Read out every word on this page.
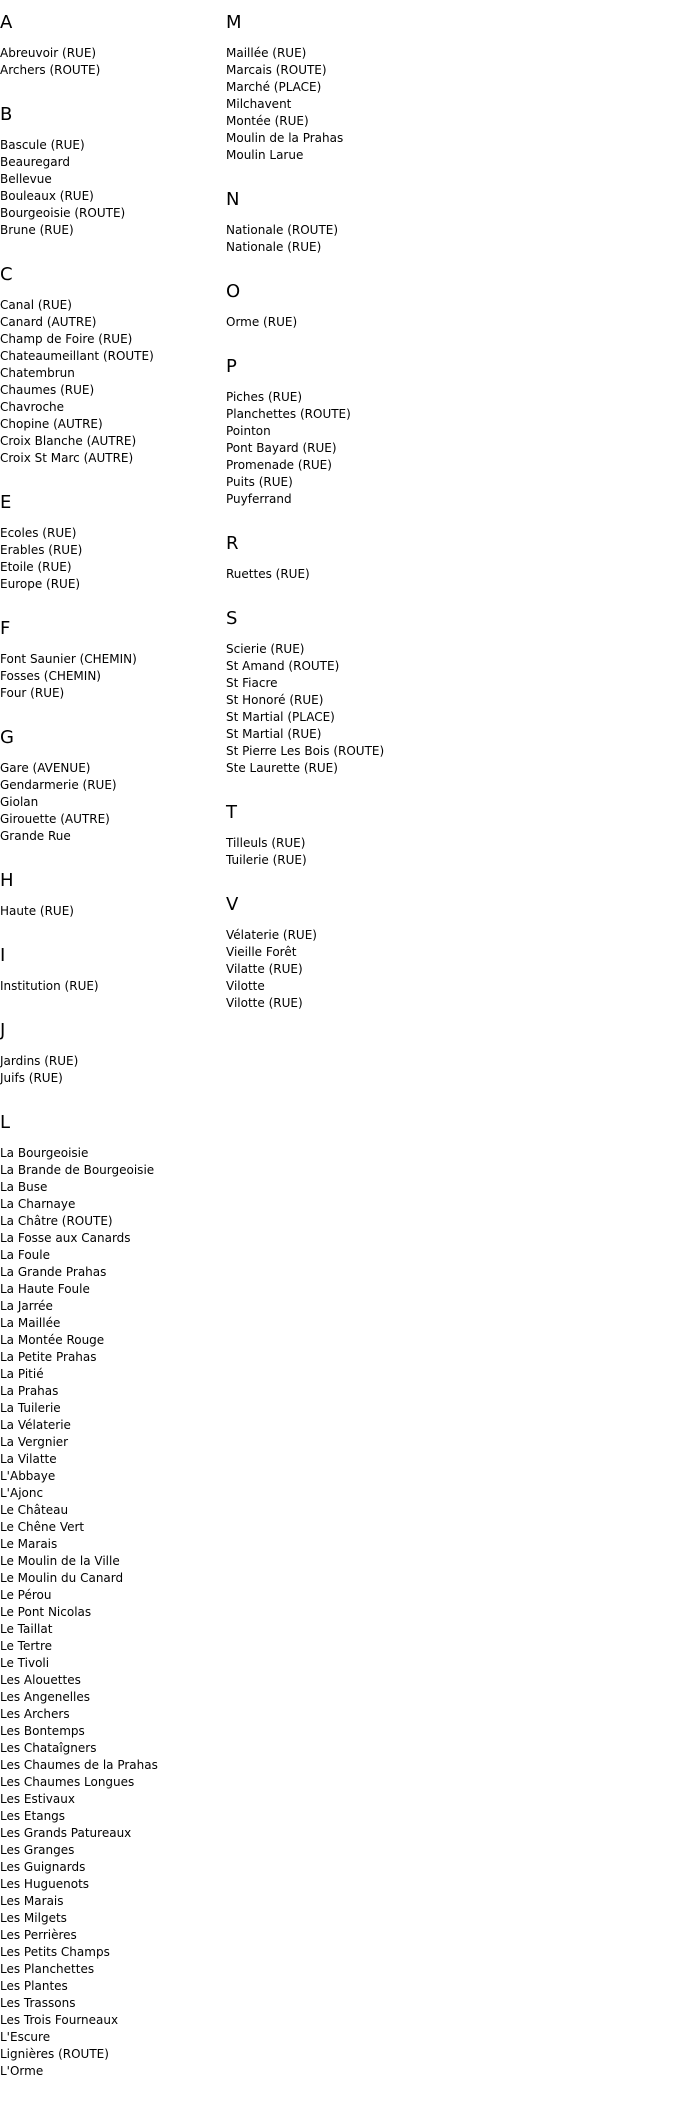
A
Abreuvoir (RUE)
Archers (ROUTE)
B
Bascule (RUE)
Beauregard
Bellevue
Bouleaux (RUE)
Bourgeoisie (ROUTE)
Brune (RUE)
C
Canal (RUE)
Canard (AUTRE)
Champ de Foire (RUE)
Chateaumeillant (ROUTE)
Chatembrun
Chaumes (RUE)
Chavroche
Chopine (AUTRE)
Croix Blanche (AUTRE)
Croix St Marc (AUTRE)
E
Ecoles (RUE)
Erables (RUE)
Etoile (RUE)
Europe (RUE)
F
Font Saunier (CHEMIN)
Fosses (CHEMIN)
Four (RUE)
G
Gare (AVENUE)
Gendarmerie (RUE)
Giolan
Girouette (AUTRE)
Grande Rue
H
Haute (RUE)
I
Institution (RUE)
J
Jardins (RUE)
Juifs (RUE)
L
La Bourgeoisie
La Brande de Bourgeoisie
La Buse
La Charnaye
La Châtre (ROUTE)
La Fosse aux Canards
La Foule
La Grande Prahas
La Haute Foule
La Jarrée
La Maillée
La Montée Rouge
La Petite Prahas
La Pitié
La Prahas
La Tuilerie
La Vélaterie
La Vergnier
La Vilatte
L'Abbaye
L'Ajonc
Le Château
Le Chêne Vert
Le Marais
Le Moulin de la Ville
Le Moulin du Canard
Le Pérou
Le Pont Nicolas
Le Taillat
Le Tertre
Le Tivoli
Les Alouettes
Les Angenelles
Les Archers
Les Bontemps
Les Chataîgners
Les Chaumes de la Prahas
Les Chaumes Longues
Les Estivaux
Les Etangs
Les Grands Patureaux
Les Granges
Les Guignards
Les Huguenots
Les Marais
Les Milgets
Les Perrières
Les Petits Champs
Les Planchettes
Les Plantes
Les Trassons
Les Trois Fourneaux
L'Escure
Lignières (ROUTE)
L'Orme
M
Maillée (RUE)
Marcais (ROUTE)
Marché (PLACE)
Milchavent
Montée (RUE)
Moulin de la Prahas
Moulin Larue
N
Nationale (ROUTE)
Nationale (RUE)
O
Orme (RUE)
P
Piches (RUE)
Planchettes (ROUTE)
Pointon
Pont Bayard (RUE)
Promenade (RUE)
Puits (RUE)
Puyferrand
R
Ruettes (RUE)
S
Scierie (RUE)
St Amand (ROUTE)
St Fiacre
St Honoré (RUE)
St Martial (PLACE)
St Martial (RUE)
St Pierre Les Bois (ROUTE)
Ste Laurette (RUE)
T
Tilleuls (RUE)
Tuilerie (RUE)
V
Vélaterie (RUE)
Vieille Forêt
Vilatte (RUE)
Vilotte
Vilotte (RUE)
